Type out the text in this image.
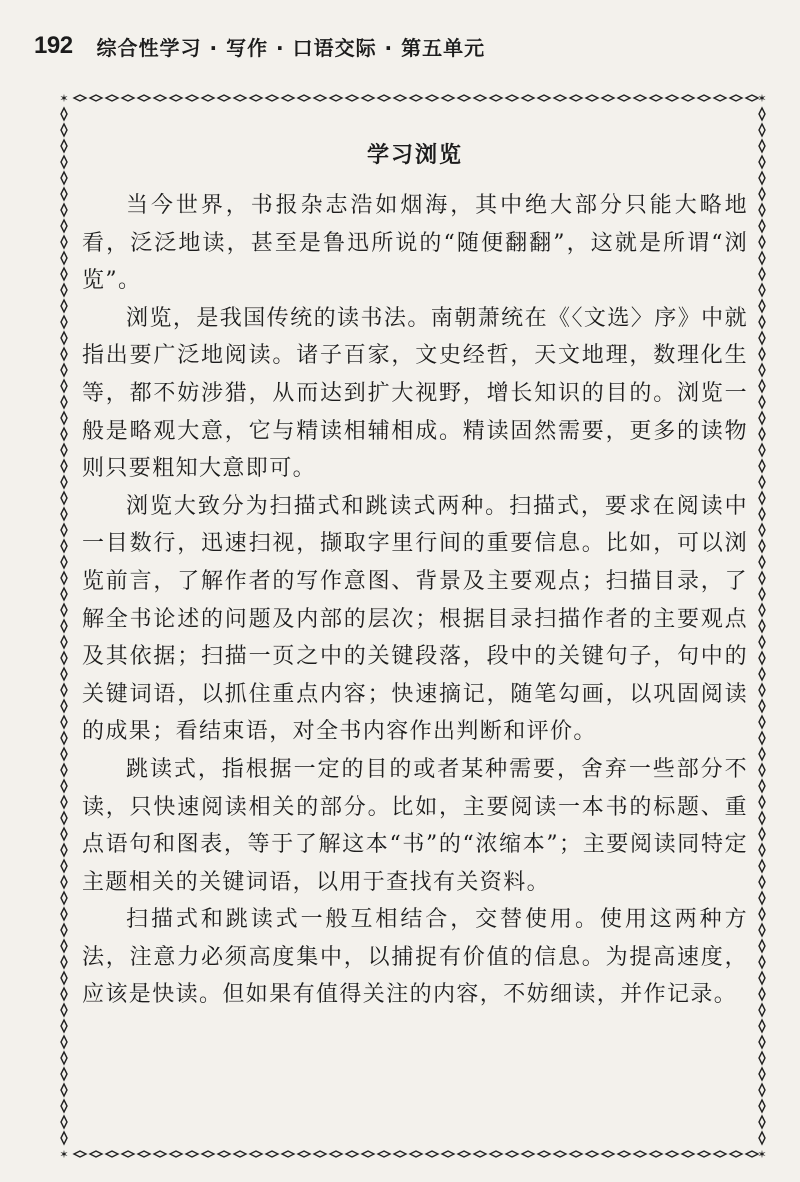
192 综合性学习 · 写作 · 口语交际 · 第五单元
✶	✶
✶	✶
学习浏览

当今世界，书报杂志浩如烟海，其中绝大部分只能大略地看，泛泛地读，甚至是鲁迅所说的“随便翻翻”，这就是所谓“浏览”。

浏览，是我国传统的读书法。南朝萧统在《〈文选〉序》中就指出要广泛地阅读。诸子百家，文史经哲，天文地理，数理化生等，都不妨涉猎，从而达到扩大视野，增长知识的目的。浏览一般是略观大意，它与精读相辅相成。精读固然需要，更多的读物则只要粗知大意即可。

浏览大致分为扫描式和跳读式两种。扫描式，要求在阅读中一目数行，迅速扫视，撷取字里行间的重要信息。比如，可以浏览前言，了解作者的写作意图、背景及主要观点；扫描目录，了解全书论述的问题及内部的层次；根据目录扫描作者的主要观点及其依据；扫描一页之中的关键段落，段中的关键句子，句中的关键词语，以抓住重点内容；快速摘记，随笔勾画，以巩固阅读的成果；看结束语，对全书内容作出判断和评价。

跳读式，指根据一定的目的或者某种需要，舍弃一些部分不读，只快速阅读相关的部分。比如，主要阅读一本书的标题、重点语句和图表，等于了解这本“书”的“浓缩本”；主要阅读同特定主题相关的关键词语，以用于查找有关资料。

扫描式和跳读式一般互相结合，交替使用。使用这两种方法，注意力必须高度集中，以捕捉有价值的信息。为提高速度，应该是快读。但如果有值得关注的内容，不妨细读，并作记录。
